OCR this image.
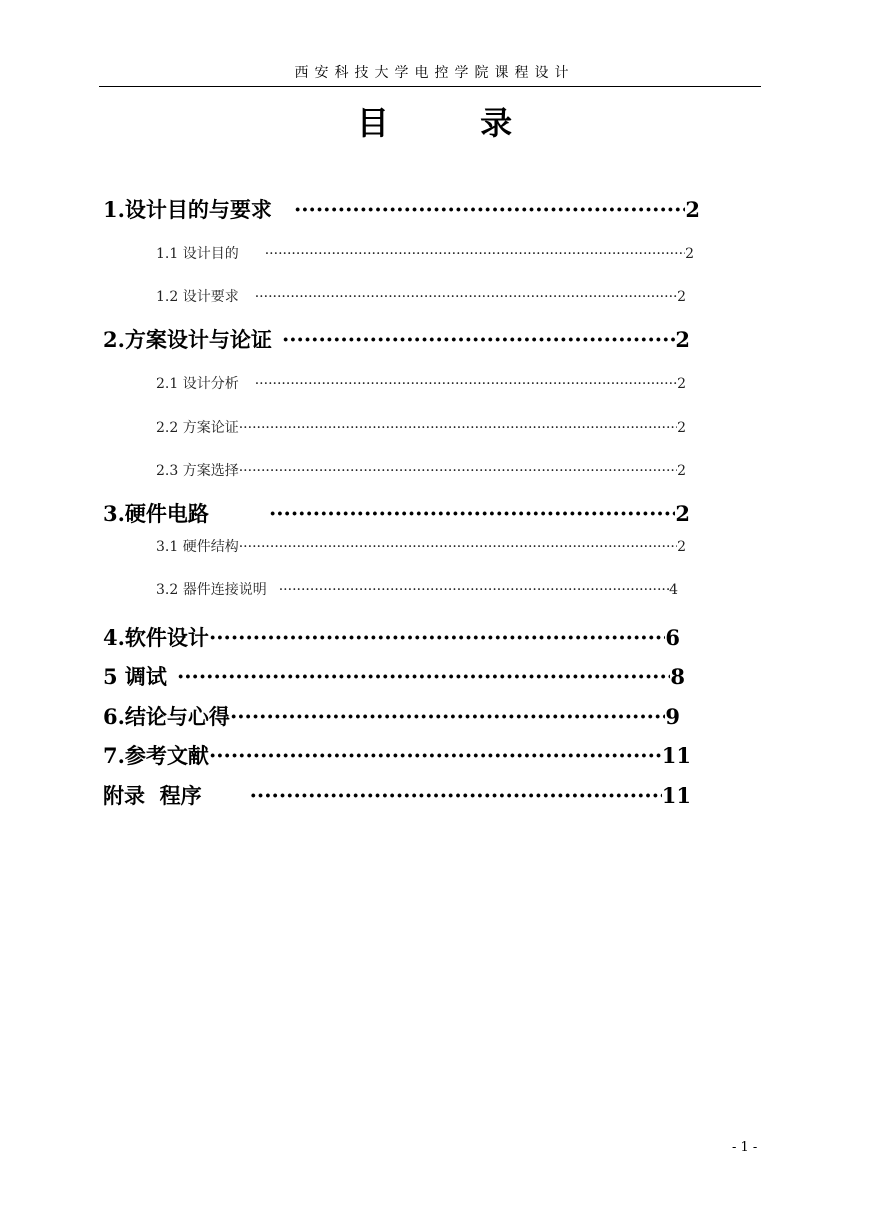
西安科技大学电控学院课程设计
目 录
1.设计目的与要求 ·····	2
1.1 设计目的 ·····	2
1.2 设计要求 ·····	2
2.方案设计与论证 ·····	2
2.1 设计分析 ·····	2
2.2 方案论证 ·····	2
2.3 方案选择 ·····	2
3.硬件电路 ·····	2
3.1 硬件结构 ·····	2
3.2 器件连接说明 ·····	4
4.软件设计 ·····	6
5 调试 ·····	8
6.结论与心得 ·····	9
7.参考文献 ·····	11
附录  程序 ·····	11
- 1 -
